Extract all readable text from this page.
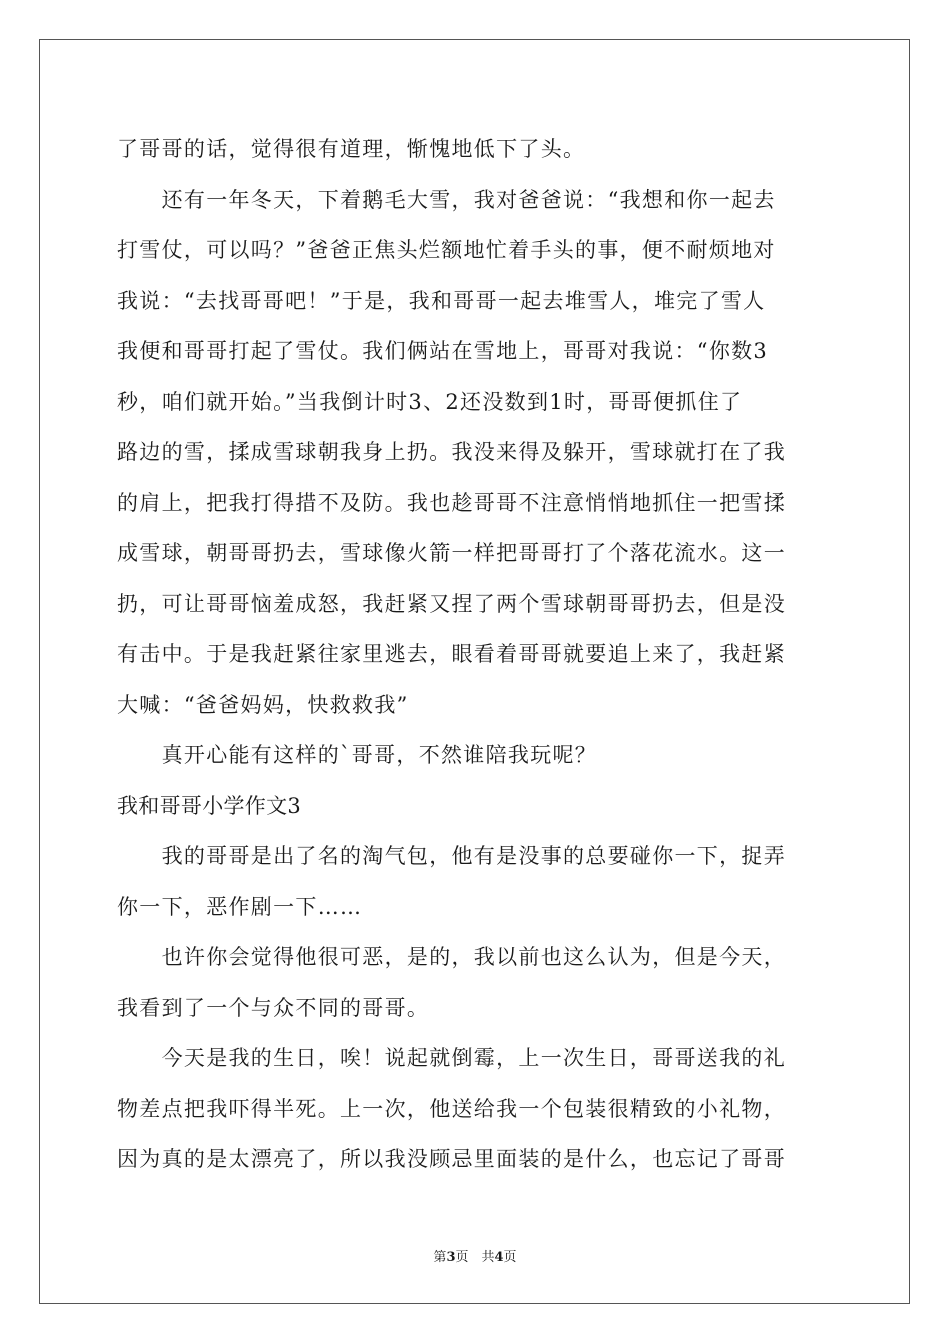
了哥哥的话，觉得很有道理，惭愧地低下了头。
　　还有一年冬天，下着鹅毛大雪，我对爸爸说：“我想和你一起去
打雪仗，可以吗？”爸爸正焦头烂额地忙着手头的事，便不耐烦地对
我说：“去找哥哥吧！”于是，我和哥哥一起去堆雪人，堆完了雪人
我便和哥哥打起了雪仗。我们俩站在雪地上，哥哥对我说：“你数3
秒，咱们就开始。”当我倒计时3、2还没数到1时，哥哥便抓住了
路边的雪，揉成雪球朝我身上扔。我没来得及躲开，雪球就打在了我
的肩上，把我打得措不及防。我也趁哥哥不注意悄悄地抓住一把雪揉
成雪球，朝哥哥扔去，雪球像火箭一样把哥哥打了个落花流水。这一
扔，可让哥哥恼羞成怒，我赶紧又捏了两个雪球朝哥哥扔去，但是没
有击中。于是我赶紧往家里逃去，眼看着哥哥就要追上来了，我赶紧
大喊：“爸爸妈妈，快救救我”
　　真开心能有这样的`哥哥，不然谁陪我玩呢？
我和哥哥小学作文3
　　我的哥哥是出了名的淘气包，他有是没事的总要碰你一下，捉弄
你一下，恶作剧一下……
　　也许你会觉得他很可恶，是的，我以前也这么认为，但是今天，
我看到了一个与众不同的哥哥。
　　今天是我的生日，唉！说起就倒霉，上一次生日，哥哥送我的礼
物差点把我吓得半死。上一次，他送给我一个包装很精致的小礼物，
因为真的是太漂亮了，所以我没顾忌里面装的是什么，也忘记了哥哥
第3页　共4页
